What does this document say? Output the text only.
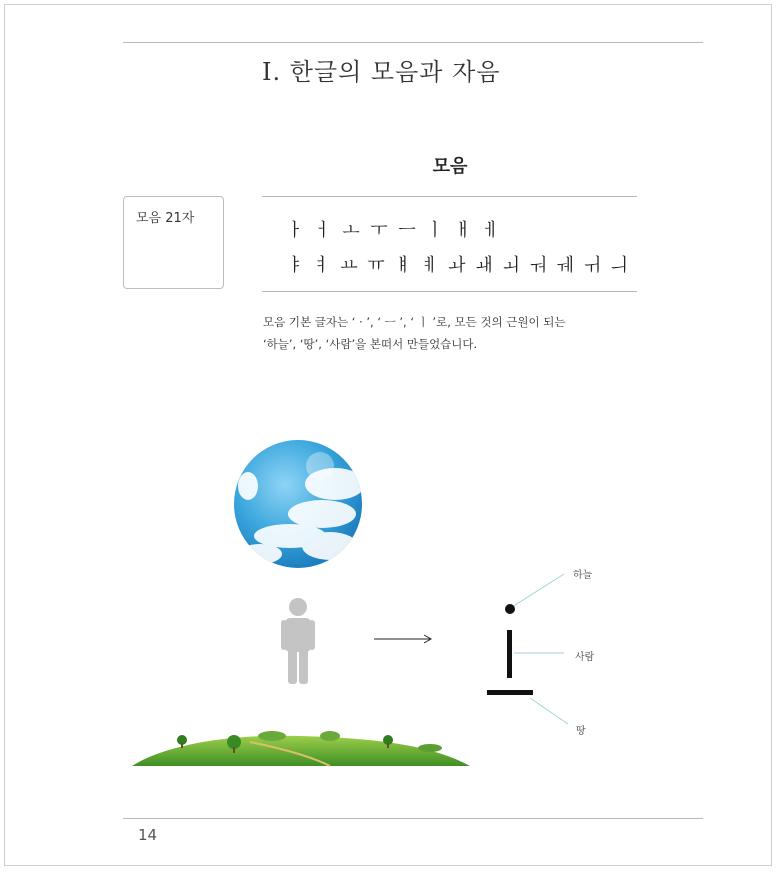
Ⅰ. 한글의 모음과 자음
모음
모음 21자
ㅏ ㅓ ㅗ ㅜ ㅡ ㅣ ㅐ ㅔ
ㅑ ㅕ ㅛ ㅠ ㅒ ㅖ ㅘ ㅙ ㅚ ㅝ ㅞ ㅟ ㅢ
모음 기본 글자는 ‘ · ’, ‘ ㅡ ’, ‘ ㅣ ’로, 모든 것의 근원이 되는
‘하늘’, ‘땅’, ‘사람’을 본떠서 만들었습니다.
하늘
사람
땅
14
